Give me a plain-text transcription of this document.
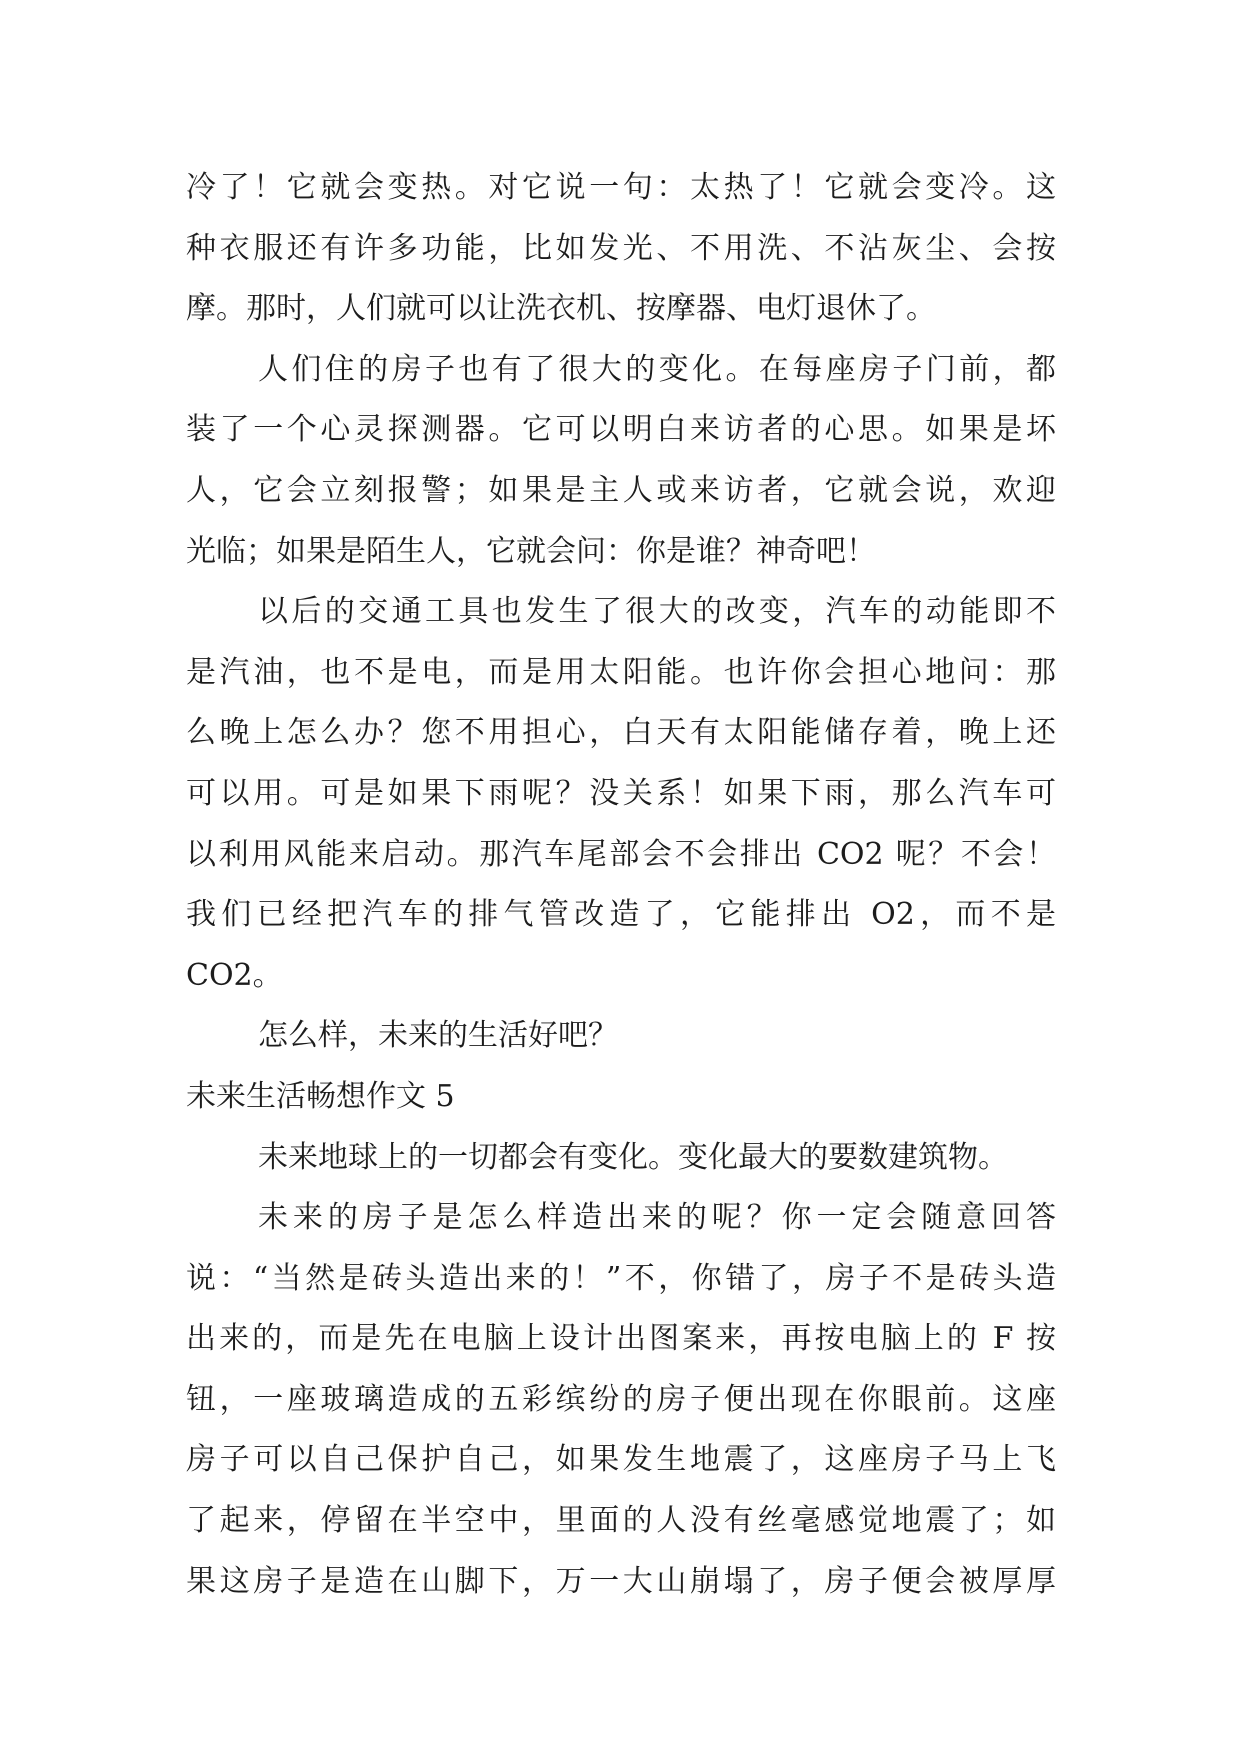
冷了！它就会变热。对它说一句：太热了！它就会变冷。这
种衣服还有许多功能，比如发光、不用洗、不沾灰尘、会按
摩。那时，人们就可以让洗衣机、按摩器、电灯退休了。
人们住的房子也有了很大的变化。在每座房子门前，都
装了一个心灵探测器。它可以明白来访者的心思。如果是坏
人，它会立刻报警；如果是主人或来访者，它就会说，欢迎
光临；如果是陌生人，它就会问：你是谁？神奇吧！
以后的交通工具也发生了很大的改变，汽车的动能即不
是汽油，也不是电，而是用太阳能。也许你会担心地问：那
么晚上怎么办？您不用担心，白天有太阳能储存着，晚上还
可以用。可是如果下雨呢？没关系！如果下雨，那么汽车可
以利用风能来启动。那汽车尾部会不会排出 CO2 呢？不会！
我们已经把汽车的排气管改造了，它能排出 O2，而不是
CO2。
怎么样，未来的生活好吧？
未来生活畅想作文 5
未来地球上的一切都会有变化。变化最大的要数建筑物。
未来的房子是怎么样造出来的呢？你一定会随意回答
说：“当然是砖头造出来的！”不，你错了，房子不是砖头造
出来的，而是先在电脑上设计出图案来，再按电脑上的 F 按
钮，一座玻璃造成的五彩缤纷的房子便出现在你眼前。这座
房子可以自己保护自己，如果发生地震了，这座房子马上飞
了起来，停留在半空中，里面的人没有丝毫感觉地震了；如
果这房子是造在山脚下，万一大山崩塌了，房子便会被厚厚
